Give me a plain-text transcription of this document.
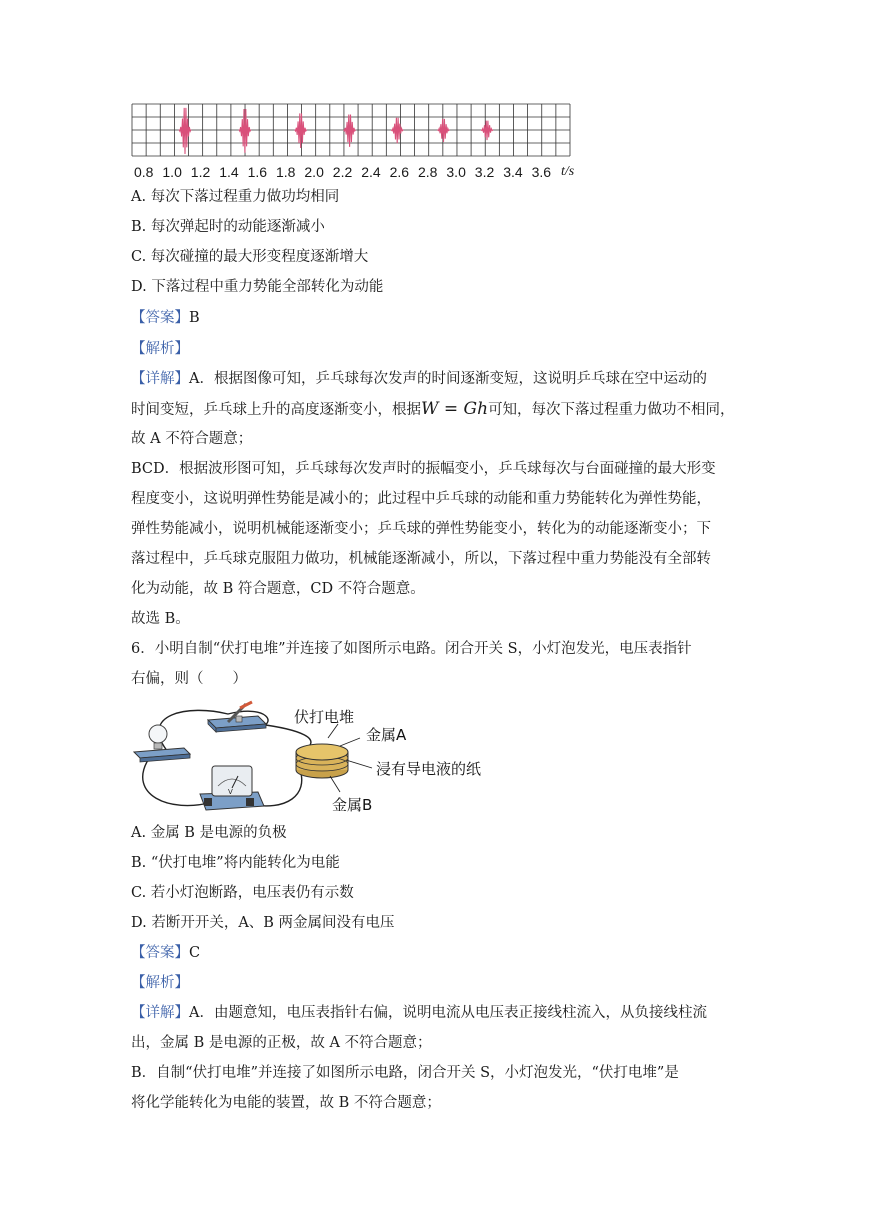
0.8 1.0 1.2 1.4 1.6 1.8 2.0 2.2 2.4 2.6 2.8 3.0 3.2 3.4 3.6 t/s
A. 每次下落过程重力做功均相同
B. 每次弹起时的动能逐渐减小
C. 每次碰撞的最大形变程度逐渐增大
D. 下落过程中重力势能全部转化为动能
【答案】B
【解析】
【详解】A．根据图像可知，乒乓球每次发声的时间逐渐变短，这说明乒乓球在空中运动的
时间变短，乒乓球上升的高度逐渐变小，根据W = Gh可知，每次下落过程重力做功不相同，
故 A 不符合题意；
BCD．根据波形图可知，乒乓球每次发声时的振幅变小，乒乓球每次与台面碰撞的最大形变
程度变小，这说明弹性势能是减小的；此过程中乒乓球的动能和重力势能转化为弹性势能，
弹性势能减小，说明机械能逐渐变小；乒乓球的弹性势能变小，转化为的动能逐渐变小；下
落过程中，乒乓球克服阻力做功，机械能逐渐减小，所以，下落过程中重力势能没有全部转
化为动能，故 B 符合题意，CD 不符合题意。
故选 B。
6．小明自制“伏打电堆”并连接了如图所示电路。闭合开关 S，小灯泡发光，电压表指针
右偏，则（　　）
V
伏打电堆
金属A
浸有导电液的纸
金属B
A. 金属 B 是电源的负极
B. “伏打电堆”将内能转化为电能
C. 若小灯泡断路，电压表仍有示数
D. 若断开开关，A、B 两金属间没有电压
【答案】C
【解析】
【详解】A．由题意知，电压表指针右偏，说明电流从电压表正接线柱流入，从负接线柱流
出，金属 B 是电源的正极，故 A 不符合题意；
B．自制“伏打电堆”并连接了如图所示电路，闭合开关 S，小灯泡发光，“伏打电堆”是
将化学能转化为电能的装置，故 B 不符合题意；
